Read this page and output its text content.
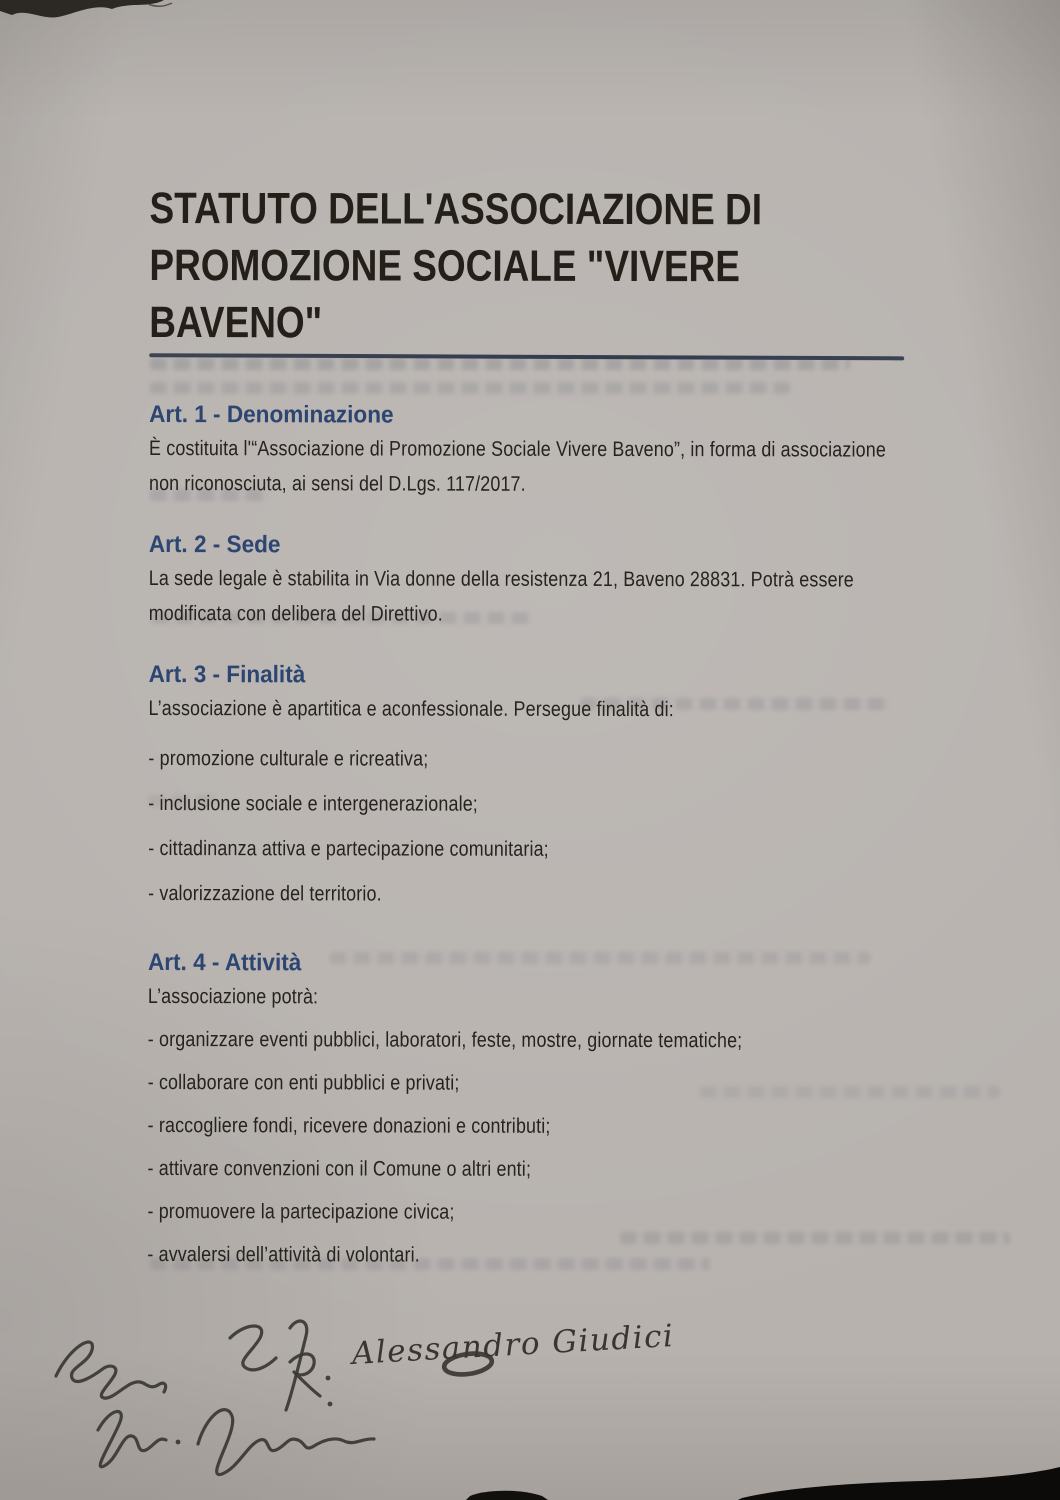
STATUTO DELL'ASSOCIAZIONE DI
PROMOZIONE SOCIALE "VIVERE
BAVENO"
Art. 1 - Denominazione
È costituita l'“Associazione di Promozione Sociale Vivere Baveno”, in forma di associazione
non riconosciuta, ai sensi del D.Lgs. 117/2017.
Art. 2 - Sede
La sede legale è stabilita in Via donne della resistenza 21, Baveno 28831. Potrà essere
modificata con delibera del Direttivo.
Art. 3 - Finalità
L’associazione è apartitica e aconfessionale. Persegue finalità di:
- promozione culturale e ricreativa;
- inclusione sociale e intergenerazionale;
- cittadinanza attiva e partecipazione comunitaria;
- valorizzazione del territorio.
Art. 4 - Attività
L’associazione potrà:
- organizzare eventi pubblici, laboratori, feste, mostre, giornate tematiche;
- collaborare con enti pubblici e privati;
- raccogliere fondi, ricevere donazioni e contributi;
- attivare convenzioni con il Comune o altri enti;
- promuovere la partecipazione civica;
- avvalersi dell’attività di volontari.
Alessandro Giudici
